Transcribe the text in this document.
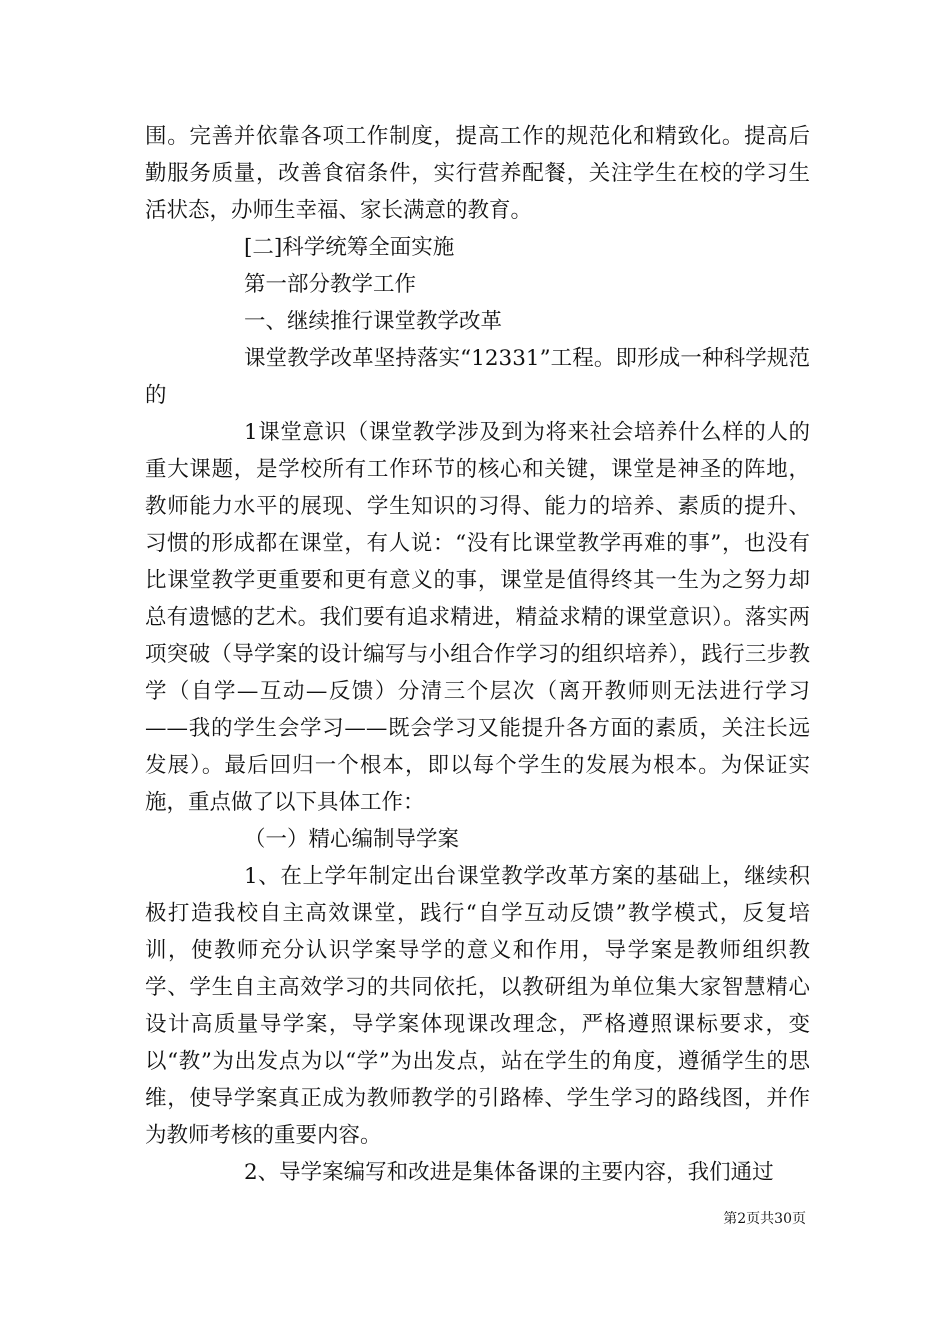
围。完善并依靠各项工作制度，提高工作的规范化和精致化。提高后勤服务质量，改善食宿条件，实行营养配餐，关注学生在校的学习生活状态，办师生幸福、家长满意的教育。

[二]科学统筹全面实施

第一部分教学工作

一、继续推行课堂教学改革

课堂教学改革坚持落实“12331”工程。即形成一种科学规范的

1课堂意识（课堂教学涉及到为将来社会培养什么样的人的重大课题，是学校所有工作环节的核心和关键，课堂是神圣的阵地，教师能力水平的展现、学生知识的习得、能力的培养、素质的提升、习惯的形成都在课堂，有人说：“没有比课堂教学再难的事”，也没有比课堂教学更重要和更有意义的事，课堂是值得终其一生为之努力却总有遗憾的艺术。我们要有追求精进，精益求精的课堂意识）。落实两项突破（导学案的设计编写与小组合作学习的组织培养），践行三步教学（自学—互动—反馈）分清三个层次（离开教师则无法进行学习——我的学生会学习——既会学习又能提升各方面的素质，关注长远发展）。最后回归一个根本，即以每个学生的发展为根本。为保证实施，重点做了以下具体工作：

（一）精心编制导学案

1、在上学年制定出台课堂教学改革方案的基础上，继续积极打造我校自主高效课堂，践行“自学互动反馈”教学模式，反复培训，使教师充分认识学案导学的意义和作用，导学案是教师组织教学、学生自主高效学习的共同依托，以教研组为单位集大家智慧精心设计高质量导学案，导学案体现课改理念，严格遵照课标要求，变以“教”为出发点为以“学”为出发点，站在学生的角度，遵循学生的思维，使导学案真正成为教师教学的引路棒、学生学习的路线图，并作为教师考核的重要内容。

2、导学案编写和改进是集体备课的主要内容，我们通过

第2页共30页
